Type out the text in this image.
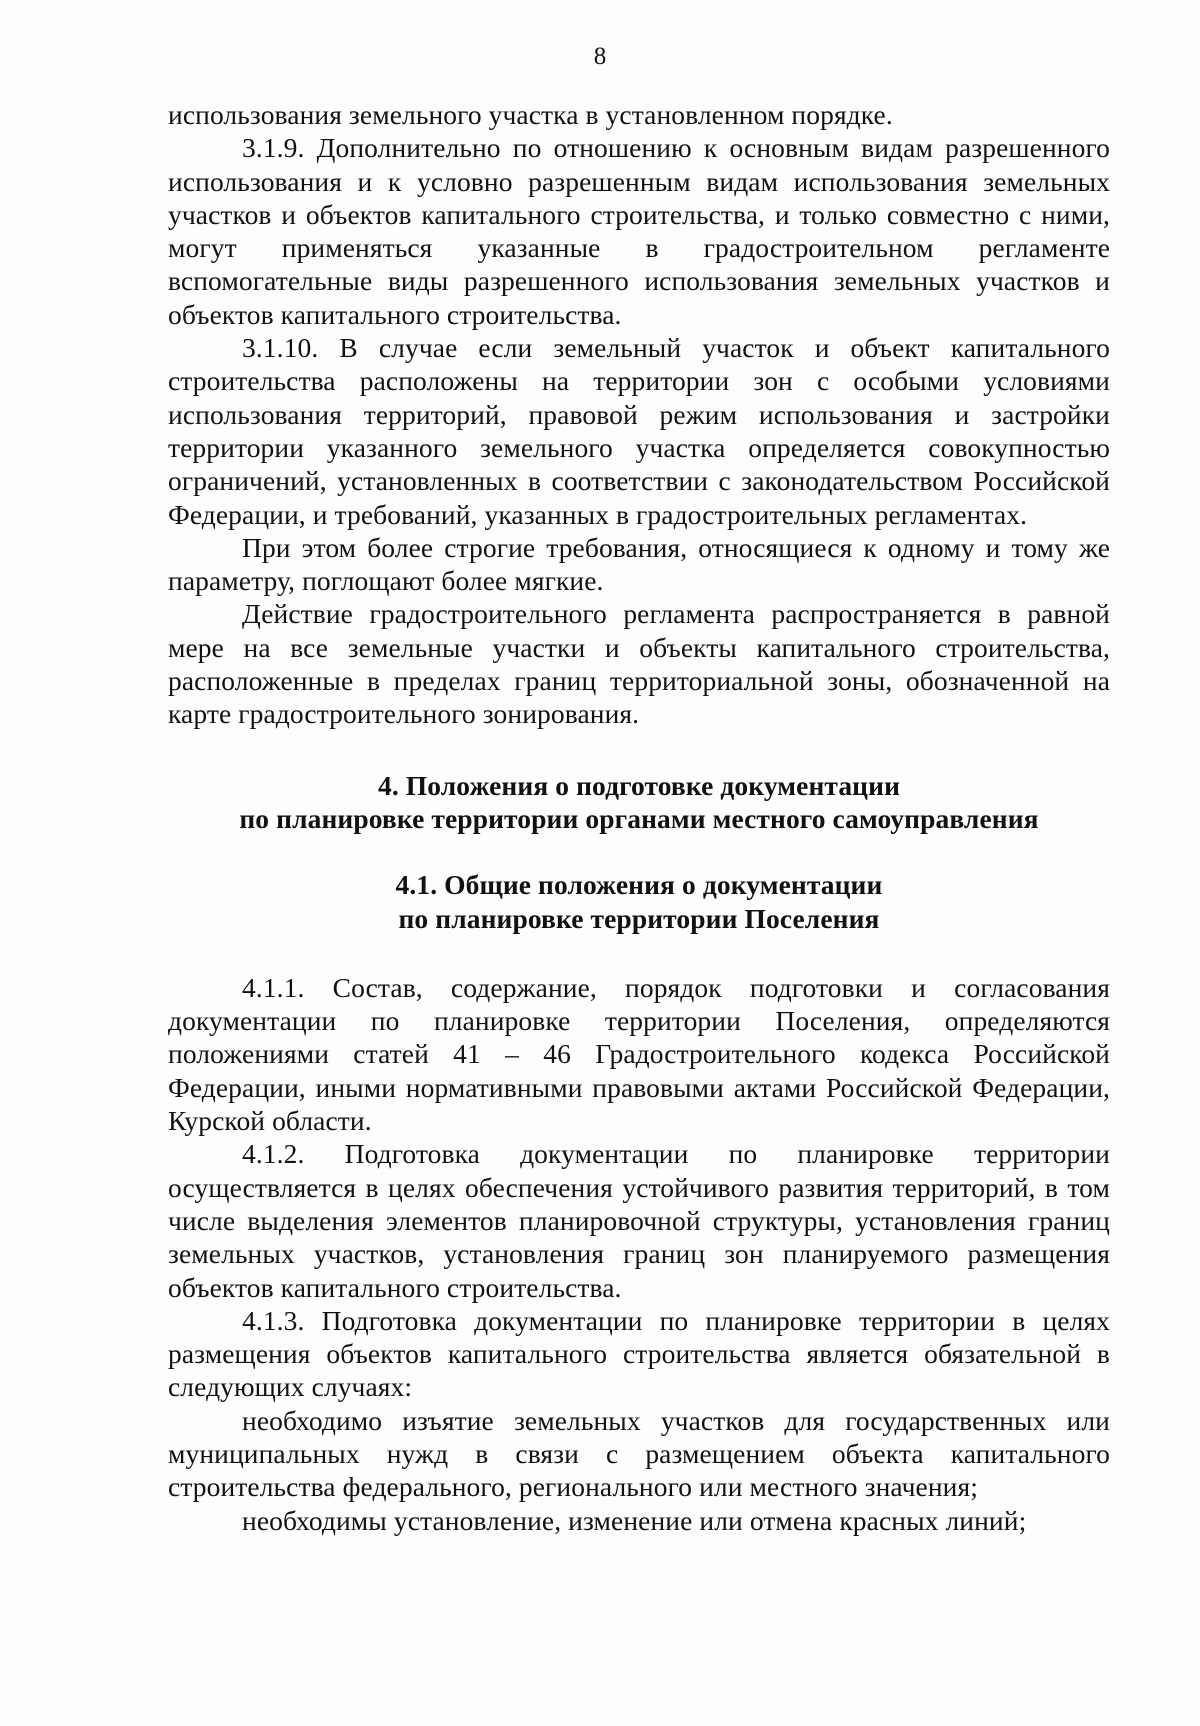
8

использования земельного участка в установленном порядке.

3.1.9. Дополнительно по отношению к основным видам разрешенного использования и к условно разрешенным видам использования земельных участков и объектов капитального строительства, и только совместно с ними, могут применяться указанные в градостроительном регламенте вспомогательные виды разрешенного использования земельных участков и объектов капитального строительства.

3.1.10. В случае если земельный участок и объект капитального строительства расположены на территории зон с особыми условиями использования территорий, правовой режим использования и застройки территории указанного земельного участка определяется совокупностью ограничений, установленных в соответствии с законодательством Российской Федерации, и требований, указанных в градостроительных регламентах.

При этом более строгие требования, относящиеся к одному и тому же параметру, поглощают более мягкие.

Действие градостроительного регламента распространяется в равной мере на все земельные участки и объекты капитального строительства, расположенные в пределах границ территориальной зоны, обозначенной на карте градостроительного зонирования.

4. Положения о подготовке документации
по планировке территории органами местного самоуправления
4.1. Общие положения о документации
по планировке территории Поселения

4.1.1. Состав, содержание, порядок подготовки и согласования документации по планировке территории Поселения, определяются положениями статей 41 – 46 Градостроительного кодекса Российской Федерации, иными нормативными правовыми актами Российской Федерации, Курской области.

4.1.2. Подготовка документации по планировке территории осуществляется в целях обеспечения устойчивого развития территорий, в том числе выделения элементов планировочной структуры, установления границ земельных участков, установления границ зон планируемого размещения объектов капитального строительства.

4.1.3. Подготовка документации по планировке территории в целях размещения объектов капитального строительства является обязательной в следующих случаях:

необходимо изъятие земельных участков для государственных или муниципальных нужд в связи с размещением объекта капитального строительства федерального, регионального или местного значения;

необходимы установление, изменение или отмена красных линий;
